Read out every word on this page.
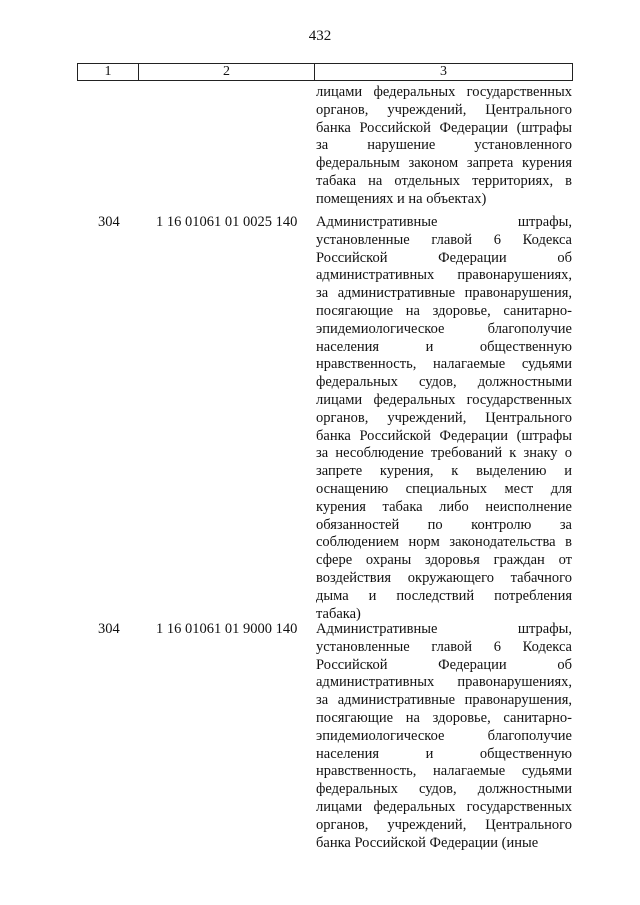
432
1	2	3
лицами федеральных государственных
органов, учреждений, Центрального
банка Российской Федерации (штрафы
за нарушение установленного
федеральным законом запрета курения
табака на отдельных территориях, в
помещениях и на объектах)
304	1 16 01061 01 0025 140 Административные штрафы,
установленные главой 6 Кодекса
Российской Федерации об
административных правонарушениях,
за административные правонарушения,
посягающие на здоровье, санитарно-
эпидемиологическое благополучие
населения и общественную
нравственность, налагаемые судьями
федеральных судов, должностными
лицами федеральных государственных
органов, учреждений, Центрального
банка Российской Федерации (штрафы
за несоблюдение требований к знаку о
запрете курения, к выделению и
оснащению специальных мест для
курения табака либо неисполнение
обязанностей по контролю за
соблюдением норм законодательства в
сфере охраны здоровья граждан от
воздействия окружающего табачного
дыма и последствий потребления
табака)
304	1 16 01061 01 9000 140 Административные штрафы,
установленные главой 6 Кодекса
Российской Федерации об
административных правонарушениях,
за административные правонарушения,
посягающие на здоровье, санитарно-
эпидемиологическое благополучие
населения и общественную
нравственность, налагаемые судьями
федеральных судов, должностными
лицами федеральных государственных
органов, учреждений, Центрального
банка Российской Федерации (иные
